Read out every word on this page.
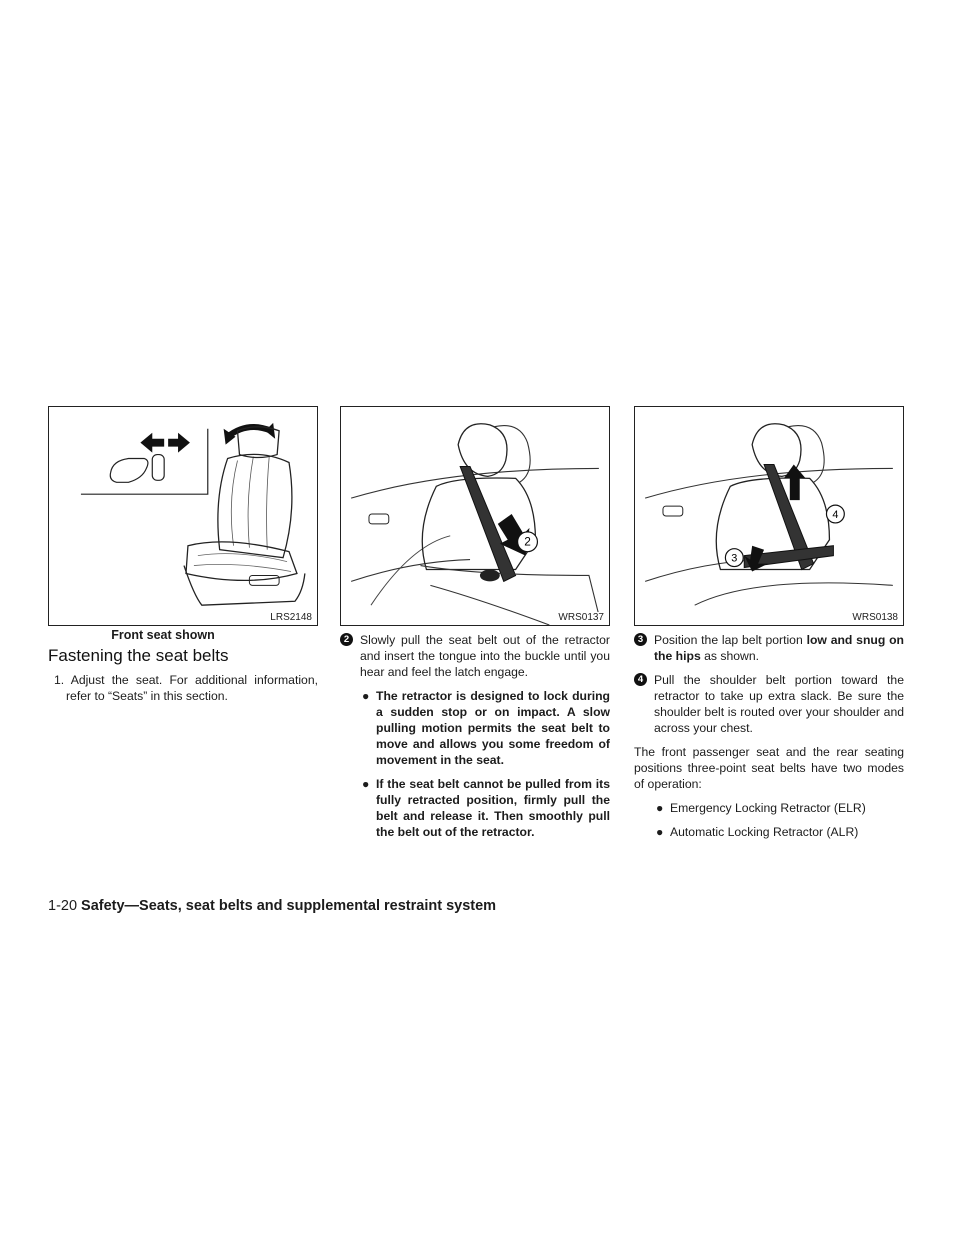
LRS2148
Front seat shown
Fastening the seat belts

1. Adjust the seat. For additional information, refer to “Seats” in this section.

2
WRS0137

2 Slowly pull the seat belt out of the retractor and insert the tongue into the buckle until you hear and feel the latch engage.

● The retractor is designed to lock during a sudden stop or on impact. A slow pulling motion permits the seat belt to move and allows you some freedom of movement in the seat.

● If the seat belt cannot be pulled from its fully retracted position, firmly pull the belt and release it. Then smoothly pull the belt out of the retractor.

3
4
WRS0138

3 Position the lap belt portion low and snug on the hips as shown.

4 Pull the shoulder belt portion toward the retractor to take up extra slack. Be sure the shoulder belt is routed over your shoulder and across your chest.

The front passenger seat and the rear seating positions three-point seat belts have two modes of operation:

● Emergency Locking Retractor (ELR)

● Automatic Locking Retractor (ALR)

1-20 Safety—Seats, seat belts and supplemental restraint system
